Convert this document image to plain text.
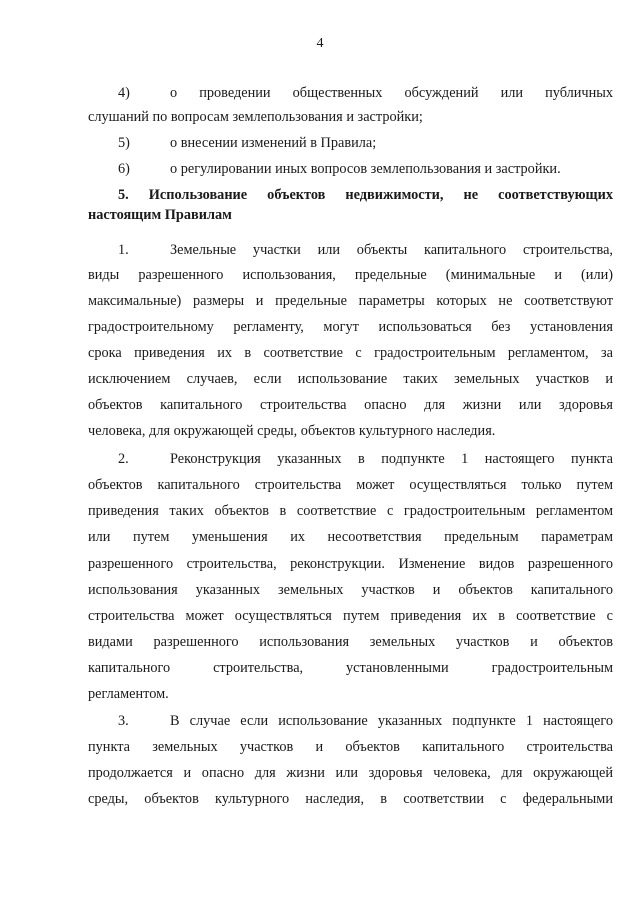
4
4)	о проведении общественных обсуждений или публичных
слушаний по вопросам землепользования и застройки;
5)	о внесении изменений в Правила;
6)	о регулировании иных вопросов землепользования и застройки.
5. Использование объектов недвижимости, не соответствующих
настоящим Правилам
1.	Земельные участки или объекты капитального строительства,
виды разрешенного использования, предельные (минимальные и (или)
максимальные) размеры и предельные параметры которых не соответствуют
градостроительному регламенту, могут использоваться без установления
срока приведения их в соответствие с градостроительным регламентом, за
исключением случаев, если использование таких земельных участков и
объектов капитального строительства опасно для жизни или здоровья
человека, для окружающей среды, объектов культурного наследия.
2.	Реконструкция указанных в подпункте 1 настоящего пункта
объектов капитального строительства может осуществляться только путем
приведения таких объектов в соответствие с градостроительным регламентом
или путем уменьшения их несоответствия предельным параметрам
разрешенного строительства, реконструкции. Изменение видов разрешенного
использования указанных земельных участков и объектов капитального
строительства может осуществляться путем приведения их в соответствие с
видами разрешенного использования земельных участков и объектов
капитального строительства, установленными градостроительным
регламентом.
3.	В случае если использование указанных подпункте 1 настоящего
пункта земельных участков и объектов капитального строительства
продолжается и опасно для жизни или здоровья человека, для окружающей
среды, объектов культурного наследия, в соответствии с федеральными
